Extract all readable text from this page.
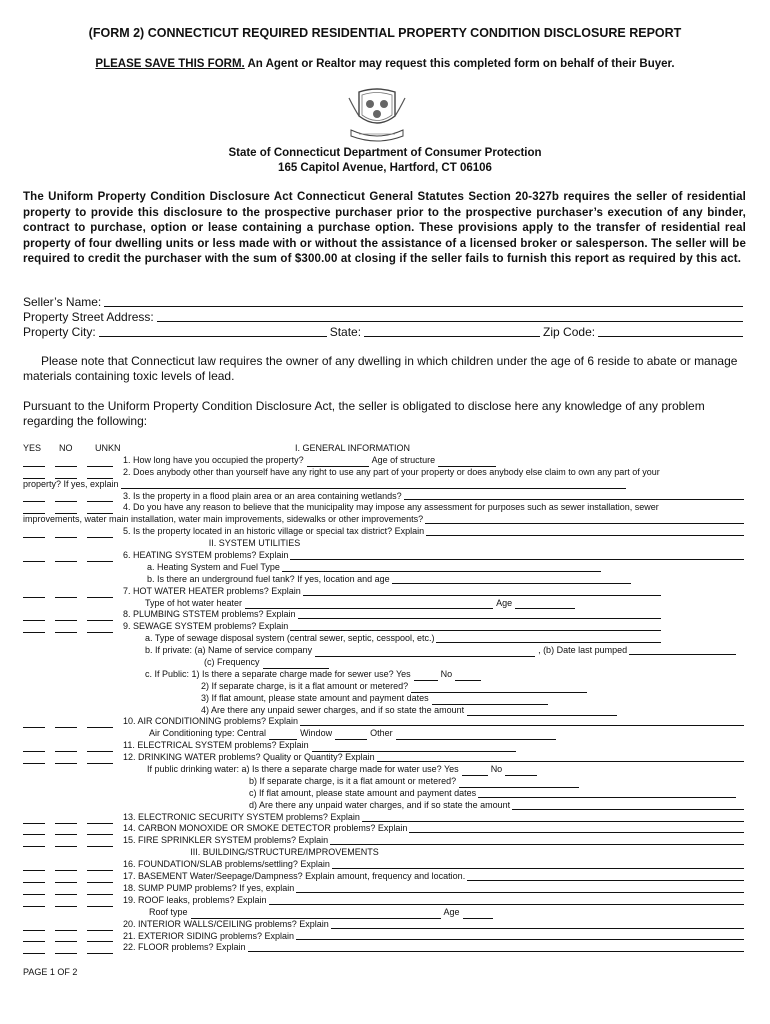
(FORM 2) CONNECTICUT REQUIRED RESIDENTIAL PROPERTY CONDITION DISCLOSURE REPORT
PLEASE SAVE THIS FORM. An Agent or Realtor may request this completed form on behalf of their Buyer.
State of Connecticut Department of Consumer Protection
165 Capitol Avenue, Hartford, CT 06106
The Uniform Property Condition Disclosure Act Connecticut General Statutes Section 20-327b requires the seller of residential property to provide this disclosure to the prospective purchaser prior to the prospective purchaser’s execution of any binder, contract to purchase, option or lease containing a purchase option. These provisions apply to the transfer of residential real property of four dwelling units or less made with or without the assistance of a licensed broker or salesperson. The seller will be required to credit the purchaser with the sum of $300.00 at closing if the seller fails to furnish this report as required by this act.
Seller’s Name:
Property Street Address:
Property City:	State:	Zip Code:
Please note that Connecticut law requires the owner of any dwelling in which children under the age of 6 reside to abate or manage materials containing toxic levels of lead.
Pursuant to the Uniform Property Condition Disclosure Act, the seller is obligated to disclose here any knowledge of any problem regarding the following:
YES	NO	UNKN	I. GENERAL INFORMATION
1. How long have you occupied the property?	Age of structure
2. Does anybody other than yourself have any right to use any part of your property or does anybody else claim to own any part of your
property? If yes, explain
3. Is the property in a flood plain area or an area containing wetlands?
4. Do you have any reason to believe that the municipality may impose any assessment for purposes such as sewer installation, sewer
improvements, water main installation, water main improvements, sidewalks or other improvements?
5. Is the property located in an historic village or special tax district? Explain
II. SYSTEM UTILITIES
6. HEATING SYSTEM problems? Explain
a. Heating System and Fuel Type
b. Is there an underground fuel tank? If yes, location and age
7. HOT WATER HEATER problems? Explain
Type of hot water heater	Age
8. PLUMBING STSTEM problems? Explain
9. SEWAGE SYSTEM problems? Explain
a. Type of sewage disposal system (central sewer, septic, cesspool, etc.)
b. If private: (a) Name of service company	, (b) Date last pumped
(c) Frequency
c. If Public: 1) Is there a separate charge made for sewer use? Yes	No
2) If separate charge, is it a flat amount or metered?
3) If flat amount, please state amount and payment dates
4) Are there any unpaid sewer charges, and if so state the amount
10. AIR CONDITIONING problems? Explain
Air Conditioning type: Central	Window	Other
11. ELECTRICAL SYSTEM problems? Explain
12. DRINKING WATER problems? Quality or Quantity? Explain
If public drinking water: a) Is there a separate charge made for water use? Yes	No
b) If separate charge, is it a flat amount or metered?
c) If flat amount, please state amount and payment dates
d) Are there any unpaid water charges, and if so state the amount
13. ELECTRONIC SECURITY SYSTEM problems? Explain
14. CARBON MONOXIDE OR SMOKE DETECTOR problems? Explain
15. FIRE SPRINKLER SYSTEM problems? Explain
III. BUILDING/STRUCTURE/IMPROVEMENTS
16. FOUNDATION/SLAB problems/settling? Explain
17. BASEMENT Water/Seepage/Dampness? Explain amount, frequency and location.
18. SUMP PUMP problems? If yes, explain
19. ROOF leaks, problems? Explain
Roof type	Age
20. INTERIOR WALLS/CEILING problems? Explain
21. EXTERIOR SIDING problems? Explain
22. FLOOR problems? Explain
PAGE 1 OF 2
